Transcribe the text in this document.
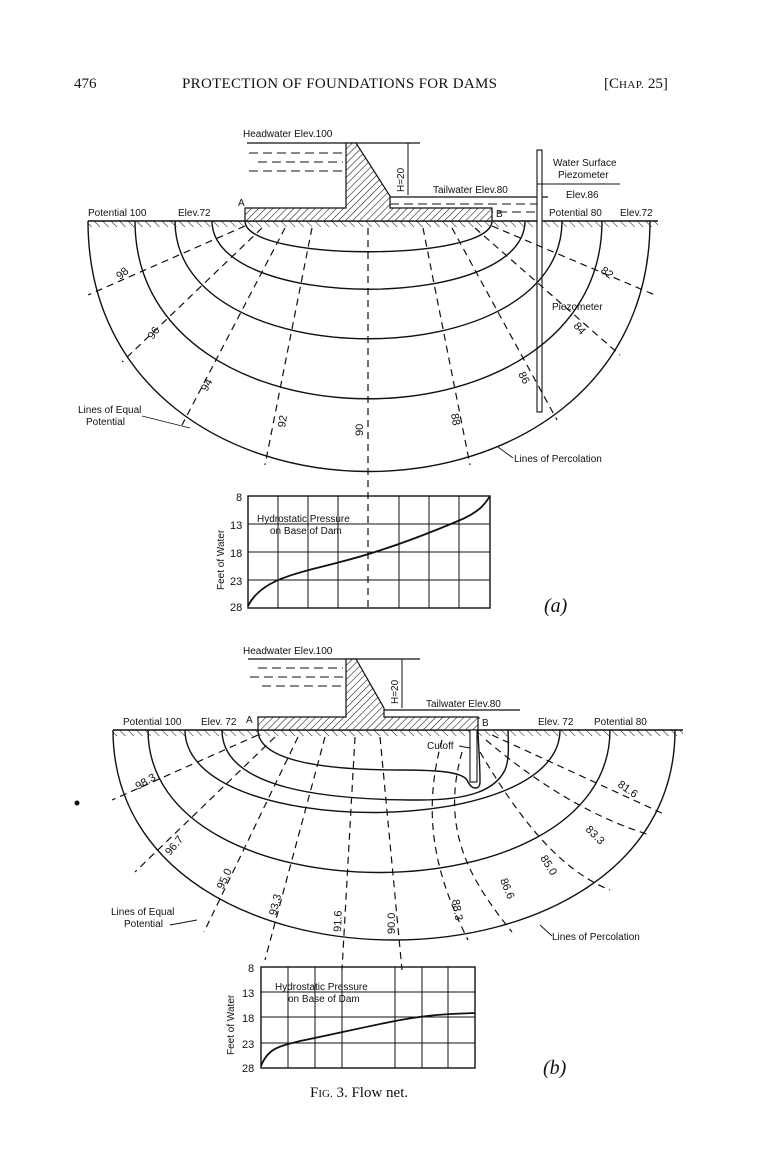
476	PROTECTION OF FOUNDATIONS FOR DAMS	[CHAP. 25]
H=20
Headwater Elev.100
Tailwater Elev.80
Water Surface
Piezometer
Elev.86
Potential 100	Elev.72
A
B	Potential 80 Elev.72
Piezometer
Lines of Equal
Potential
Lines of Percolation
98
96
94
92
90
88
86
84
82
Hydrostatic Pressure
on Base of Dam
8
13
18
23
28
Feet of Water
(a)
H=20
Headwater Elev.100
Tailwater Elev.80
Potential 100 Elev. 72 A	B	Elev. 72 Potential 80
Cutoff
Lines of Equal
Potential
Lines of Percolation
98.3
96.7
95.0
93.3
91.6	90.0
88.3
86.6
85.0
83.3
81.6
Hydrostatic Pressure
on Base of Dam
8
13
18
23
28
Feet of Water
(b)
FIG. 3. Flow net.
